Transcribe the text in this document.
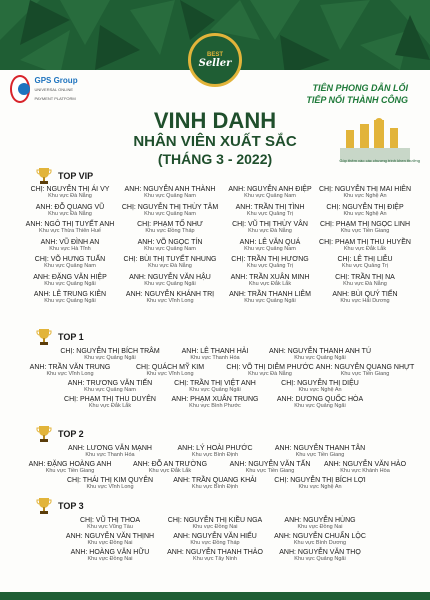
GPS Group
UNIVERSAL ONLINE PAYMENT PLATFORM
BEST
Seller
TIÊN PHONG DẪN LỐI
TIẾP NỐI THÀNH CÔNG
VINH DANH
NHÂN VIÊN XUẤT SẮC
(THÁNG 3 - 2022)	Góp thêm vào các chương trình khen thưởng
TOP VIP
CHỊ: NGUYỄN THỊ ÁI VY
Khu vực Đà Nẵng
ANH: NGUYỄN ANH THÀNH
Khu vực Quảng Nam
ANH: NGUYỄN ANH ĐIỆP
Khu vực Quảng Nam
CHỊ: NGUYỄN THỊ MAI HIÊN
Khu vực Nghệ An
ANH: ĐỖ QUANG VŨ
Khu vực Đà Nẵng
CHỊ: NGUYỄN THỊ THÙY TÂM
Khu vực Quảng Nam
ANH: TRẦN THỊ TÌNH
Khu vực Quảng Trị
CHỊ: NGUYỄN THỊ ĐIỆP
Khu vực Nghệ An
ANH: NGÔ THỊ TUYẾT ANH
Khu vực Thừa Thiên Huế
CHỊ: PHẠM TỐ NHƯ
Khu vực Đồng Tháp
CHỊ: VŨ THỊ THÙY VÂN
Khu vực Đà Nẵng
CHỊ: PHẠM THỊ NGỌC LINH
Khu vực Tiền Giang
ANH: VŨ ĐÌNH AN
Khu vực Hà Tĩnh
ANH: VÕ NGỌC TÍN
Khu vực Quảng Nam
ANH: LÊ VĂN QUÁ
Khu vực Quảng Nam
CHỊ: PHẠM THỊ THU HUYỀN
Khu vực Đắk Lắk
CHỊ: VÕ HƯNG TUẤN
Khu vực Quảng Nam
CHỊ: BÙI THỊ TUYẾT NHUNG
Khu vực Đà Nẵng
CHỊ: TRẦN THỊ HƯƠNG
Khu vực Quảng Trị
CHỊ: LÊ THỊ LIỄU
Khu vực Quảng Trị
ANH: ĐẶNG VĂN HIỆP
Khu vực Quảng Ngãi
ANH: NGUYỄN VĂN HẬU
Khu vực Quảng Ngãi
ANH: TRẦN XUÂN MINH
Khu vực Đắk Lắk
CHỊ: TRẦN THỊ NA
Khu vực Đà Nẵng
ANH: LÊ TRUNG KIÊN
Khu vực Quảng Ngãi
ANH: NGUYỄN KHÁNH TRỊ
Khu vực Vĩnh Long
ANH: TRẦN THANH LIÊM
Khu vực Quảng Ngãi
ANH: BÙI QUÝ TIẾN
Khu vực Hải Dương
TOP 1
CHỊ: NGUYỄN THỊ BÍCH TRÂM
Khu vực Quảng Ngãi
ANH: LÊ THANH HẢI
Khu vực Thanh Hóa
ANH: NGUYỄN THANH ANH TÚ
Khu vực Quảng Ngãi
ANH: TRẦN VĂN TRUNG
Khu vực Vĩnh Long
CHỊ: QUÁCH MỸ KIM
Khu vực Vĩnh Long
CHỊ: VÕ THỊ DIỄM PHƯỚC
Khu vực Đà Nẵng
ANH: NGUYỄN QUANG NHỰT
Khu vực Tiền Giang
ANH: TRƯƠNG VĂN TIẾN
Khu vực Quảng Nam
CHỊ: TRẦN THỊ VIỆT ANH
Khu vực Quảng Ngãi
CHỊ: NGUYỄN THỊ DIỆU
Khu vực Nghệ An
CHỊ: PHẠM THỊ THU DUYÊN
Khu vực Đắk Lắk
ANH: PHẠM XUÂN TRUNG
Khu vực Bình Phước
ANH: DƯƠNG QUỐC HÒA
Khu vực Quảng Ngãi
TOP 2
ANH: LƯƠNG VĂN MẠNH
Khu vực Thanh Hóa
ANH: LÝ HOÀI PHƯỚC
Khu vực Bình Định
ANH: NGUYỄN THANH TÂN
Khu vực Tiền Giang
ANH: ĐẶNG HOÀNG ANH
Khu vực Tiền Giang
ANH: ĐỖ AN TRƯỜNG
Khu vực Đắk Lắk
ANH: NGUYỄN VĂN TẤN
Khu vực Tiền Giang
ANH: NGUYỄN VĂN HẢO
Khu vực Khánh Hòa
CHỊ: THÁI THỊ KIM QUYÊN
Khu vực Vĩnh Long
ANH: TRẦN QUANG KHẢI
Khu vực Bình Định
CHỊ: NGUYỄN THỊ BÍCH LỢI
Khu vực Nghệ An
TOP 3
CHỊ: VŨ THỊ THOA
Khu vực Vũng Tàu
CHỊ: NGUYỄN THỊ KIỀU NGA
Khu vực Đồng Nai
ANH: NGUYỄN HÙNG
Khu vực Đồng Nai
ANH: NGUYỄN VĂN THỊNH
Khu vực Đồng Nai
ANH: NGUYỄN VĂN HIẾU
Khu vực Đồng Tháp
ANH: NGUYỄN CHUẨN LỘC
Khu vực Bình Dương
ANH: HOÀNG VĂN HỮU
Khu vực Đồng Nai
ANH: NGUYỄN THANH THẢO
Khu vực Tây Ninh
ANH: NGUYỄN VĂN THỌ
Khu vực Quảng Ngãi
